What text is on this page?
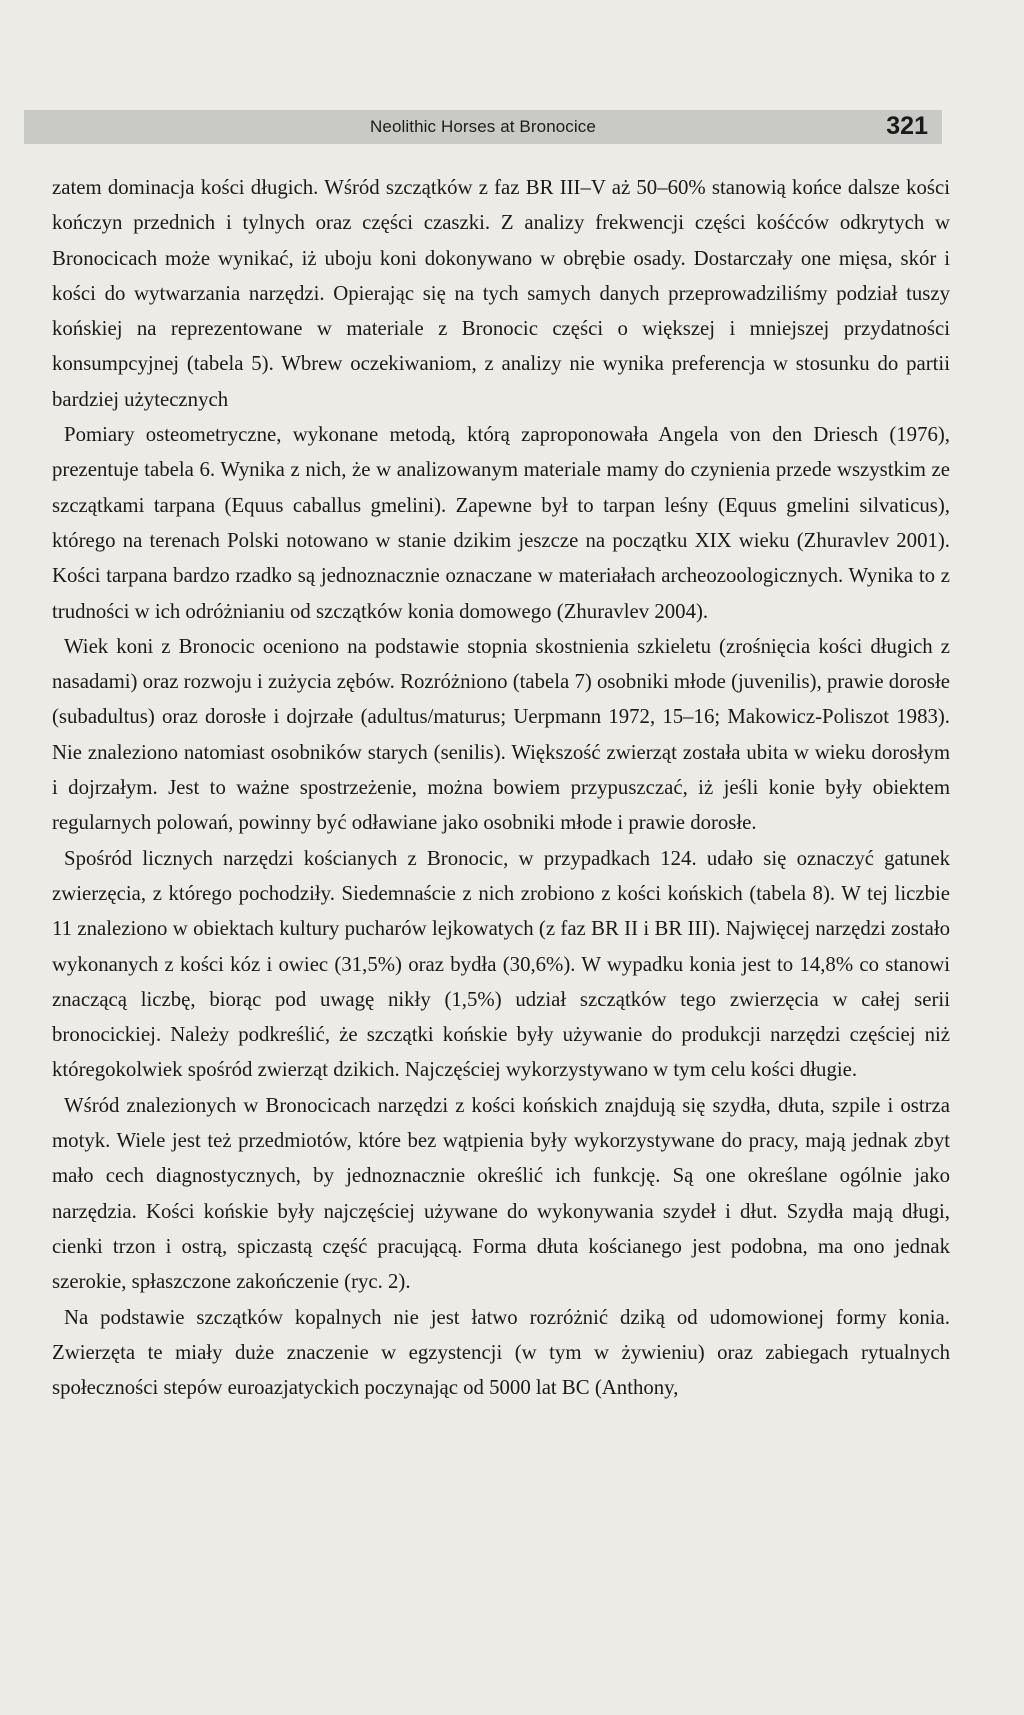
Neolithic Horses at Bronocice	321

zatem dominacja kości długich. Wśród szczątków z faz BR III–V aż 50–60% stanowią końce dalsze kości kończyn przednich i tylnych oraz części czaszki. Z analizy frekwencji części kośćców odkrytych w Bronocicach może wynikać, iż uboju koni dokonywano w obrębie osady. Dostarczały one mięsa, skór i kości do wytwarzania narzędzi. Opierając się na tych samych danych przeprowadziliśmy podział tuszy końskiej na reprezentowane w materiale z Bronocic części o większej i mniejszej przydatności konsumpcyjnej (tabela 5). Wbrew oczekiwaniom, z analizy nie wynika preferencja w stosunku do partii bardziej użytecznych

Pomiary osteometryczne, wykonane metodą, którą zaproponowała Angela von den Driesch (1976), prezentuje tabela 6. Wynika z nich, że w analizowanym materiale mamy do czynienia przede wszystkim ze szczątkami tarpana (Equus caballus gmelini). Zapewne był to tarpan leśny (Equus gmelini silvaticus), którego na terenach Polski notowano w stanie dzikim jeszcze na początku XIX wieku (Zhuravlev 2001). Kości tarpana bardzo rzadko są jednoznacznie oznaczane w materiałach archeozoologicznych. Wynika to z trudności w ich odróżnianiu od szczątków konia domowego (Zhuravlev 2004).

Wiek koni z Bronocic oceniono na podstawie stopnia skostnienia szkieletu (zrośnięcia kości długich z nasadami) oraz rozwoju i zużycia zębów. Rozróżniono (tabela 7) osobniki młode (juvenilis), prawie dorosłe (subadultus) oraz dorosłe i dojrzałe (adultus/maturus; Uerpmann 1972, 15–16; Makowicz-Poliszot 1983). Nie znaleziono natomiast osobników starych (senilis). Większość zwierząt została ubita w wieku dorosłym i dojrzałym. Jest to ważne spostrzeżenie, można bowiem przypuszczać, iż jeśli konie były obiektem regularnych polowań, powinny być odławiane jako osobniki młode i prawie dorosłe.

Spośród licznych narzędzi kościanych z Bronocic, w przypadkach 124. udało się oznaczyć gatunek zwierzęcia, z którego pochodziły. Siedemnaście z nich zrobiono z kości końskich (tabela 8). W tej liczbie 11 znaleziono w obiektach kultury pucharów lejkowatych (z faz BR II i BR III). Najwięcej narzędzi zostało wykonanych z kości kóz i owiec (31,5%) oraz bydła (30,6%). W wypadku konia jest to 14,8% co stanowi znaczącą liczbę, biorąc pod uwagę nikły (1,5%) udział szczątków tego zwierzęcia w całej serii bronocickiej. Należy podkreślić, że szczątki końskie były używanie do produkcji narzędzi częściej niż któregokolwiek spośród zwierząt dzikich. Najczęściej wykorzystywano w tym celu kości długie.

Wśród znalezionych w Bronocicach narzędzi z kości końskich znajdują się szydła, dłuta, szpile i ostrza motyk. Wiele jest też przedmiotów, które bez wątpienia były wykorzystywane do pracy, mają jednak zbyt mało cech diagnostycznych, by jednoznacznie określić ich funkcję. Są one określane ogólnie jako narzędzia. Kości końskie były najczęściej używane do wykonywania szydeł i dłut. Szydła mają długi, cienki trzon i ostrą, spiczastą część pracującą. Forma dłuta kościanego jest podobna, ma ono jednak szerokie, spłaszczone zakończenie (ryc. 2).

Na podstawie szczątków kopalnych nie jest łatwo rozróżnić dziką od udomowionej formy konia. Zwierzęta te miały duże znaczenie w egzystencji (w tym w żywieniu) oraz zabiegach rytualnych społeczności stepów euroazjatyckich poczynając od 5000 lat BC (Anthony,
